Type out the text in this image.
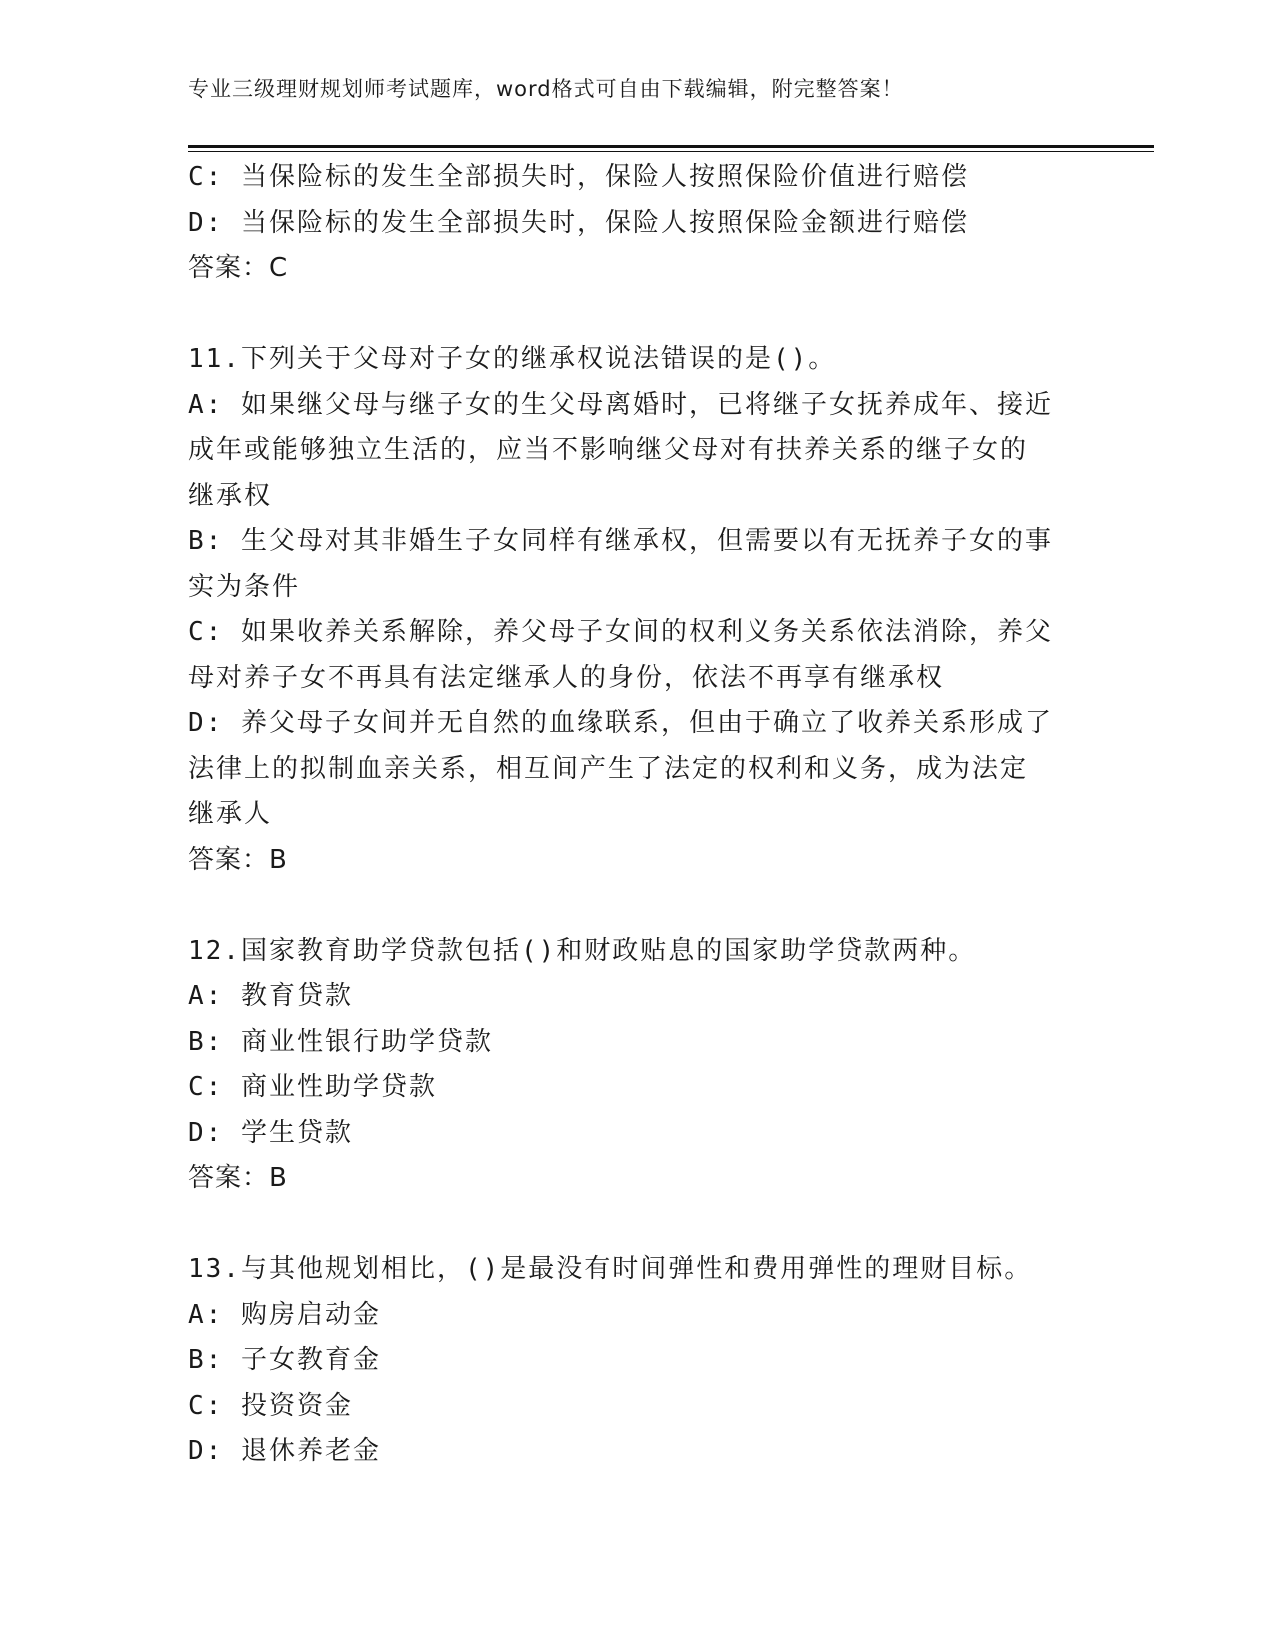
专业三级理财规划师考试题库，word格式可自由下载编辑，附完整答案！
C: 当保险标的发生全部损失时，保险人按照保险价值进行赔偿
D: 当保险标的发生全部损失时，保险人按照保险金额进行赔偿
答案：C
11.下列关于父母对子女的继承权说法错误的是()。
A: 如果继父母与继子女的生父母离婚时，已将继子女抚养成年、接近
成年或能够独立生活的，应当不影响继父母对有扶养关系的继子女的
继承权
B: 生父母对其非婚生子女同样有继承权，但需要以有无抚养子女的事
实为条件
C: 如果收养关系解除，养父母子女间的权利义务关系依法消除，养父
母对养子女不再具有法定继承人的身份，依法不再享有继承权
D: 养父母子女间并无自然的血缘联系，但由于确立了收养关系形成了
法律上的拟制血亲关系，相互间产生了法定的权利和义务，成为法定
继承人
答案：B
12.国家教育助学贷款包括()和财政贴息的国家助学贷款两种。
A: 教育贷款
B: 商业性银行助学贷款
C: 商业性助学贷款
D: 学生贷款
答案：B
13.与其他规划相比，()是最没有时间弹性和费用弹性的理财目标。
A: 购房启动金
B: 子女教育金
C: 投资资金
D: 退休养老金
